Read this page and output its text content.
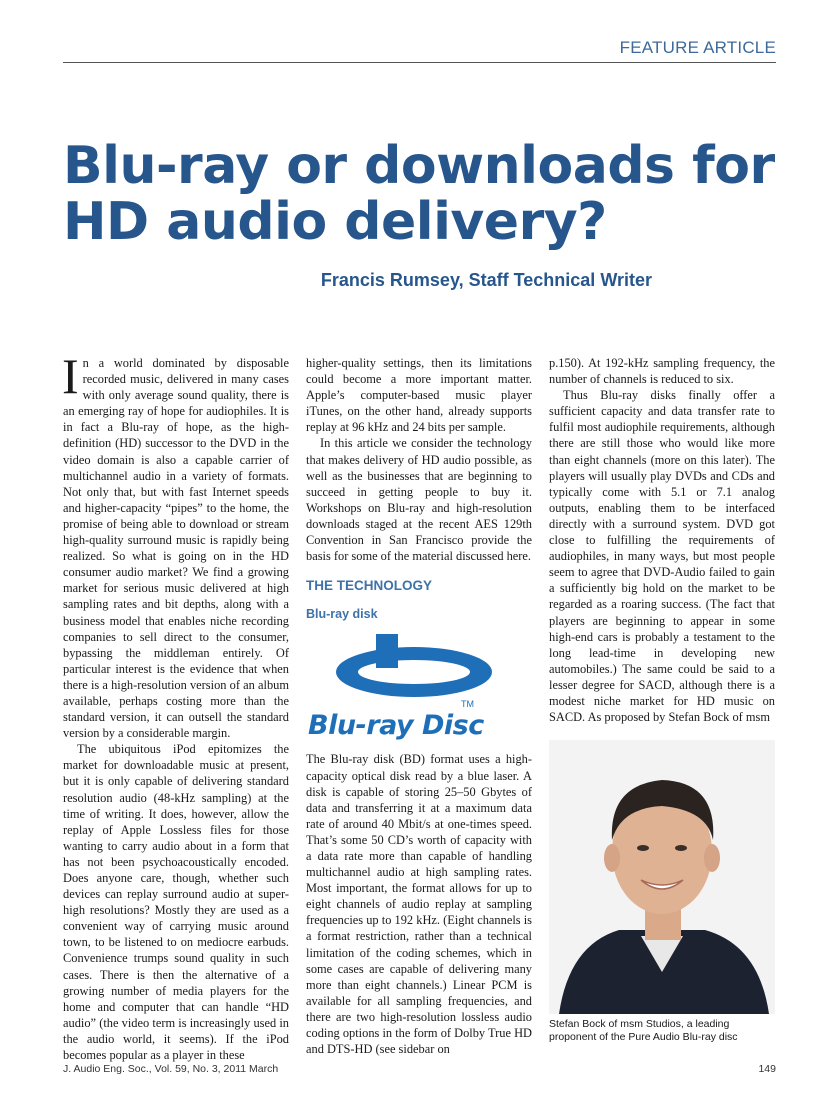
FEATURE ARTICLE
Blu-ray or downloads for HD audio delivery?
Francis Rumsey, Staff Technical Writer

In a world dominated by disposable recorded music, delivered in many cases with only average sound quality, there is an emerging ray of hope for audiophiles. It is in fact a Blu-ray of hope, as the high-definition (HD) successor to the DVD in the video domain is also a capable carrier of multichannel audio in a variety of formats. Not only that, but with fast Internet speeds and higher-capacity “pipes” to the home, the promise of being able to download or stream high-quality surround music is rapidly being realized. So what is going on in the HD consumer audio market? We find a growing market for serious music delivered at high sampling rates and bit depths, along with a business model that enables niche recording companies to sell direct to the consumer, bypassing the middleman entirely. Of particular interest is the evidence that when there is a high-resolution version of an album available, perhaps costing more than the standard version, it can outsell the standard version by a considerable margin.

The ubiquitous iPod epitomizes the market for downloadable music at present, but it is only capable of delivering standard resolution audio (48-kHz sampling) at the time of writing. It does, however, allow the replay of Apple Lossless files for those wanting to carry audio about in a form that has not been psychoacoustically encoded. Does anyone care, though, whether such devices can replay surround audio at super-high resolutions? Mostly they are used as a convenient way of carrying music around town, to be listened to on mediocre earbuds. Convenience trumps sound quality in such cases. There is then the alternative of a growing number of media players for the home and computer that can handle “HD audio” (the video term is increasingly used in the audio world, it seems). If the iPod becomes popular as a player in these

higher-quality settings, then its limitations could become a more important matter. Apple’s computer-based music player iTunes, on the other hand, already supports replay at 96 kHz and 24 bits per sample.

In this article we consider the technology that makes delivery of HD audio possible, as well as the businesses that are beginning to succeed in getting people to buy it. Workshops on Blu-ray and high-resolution downloads staged at the recent AES 129th Convention in San Francisco provide the basis for some of the material discussed here.

THE TECHNOLOGY
Blu-ray disk
TM
Blu-ray Disc

The Blu-ray disk (BD) format uses a high-capacity optical disk read by a blue laser. A disk is capable of storing 25–50 Gbytes of data and transferring it at a maximum data rate of around 40 Mbit/s at one-times speed. That’s some 50 CD’s worth of capacity with a data rate more than capable of handling multichannel audio at high sampling rates. Most important, the format allows for up to eight channels of audio replay at sampling frequencies up to 192 kHz. (Eight channels is a format restriction, rather than a technical limitation of the coding schemes, which in some cases are capable of delivering many more than eight channels.) Linear PCM is available for all sampling frequencies, and there are two high-resolution lossless audio coding options in the form of Dolby True HD and DTS-HD (see sidebar on

p.150). At 192-kHz sampling frequency, the number of channels is reduced to six.

Thus Blu-ray disks finally offer a sufficient capacity and data transfer rate to fulfil most audiophile requirements, although there are still those who would like more than eight channels (more on this later). The players will usually play DVDs and CDs and typically come with 5.1 or 7.1 analog outputs, enabling them to be interfaced directly with a surround system. DVD got close to fulfilling the requirements of audiophiles, in many ways, but most people seem to agree that DVD-Audio failed to gain a sufficiently big hold on the market to be regarded as a roaring success. (The fact that players are beginning to appear in some high-end cars is probably a testament to the long lead-time in developing new automobiles.) The same could be said to a lesser degree for SACD, although there is a modest niche market for HD music on SACD. As proposed by Stefan Bock of msm

Stefan Bock of msm Studios, a leading proponent of the Pure Audio Blu-ray disc
J. Audio Eng. Soc., Vol. 59, No. 3, 2011 March	149
